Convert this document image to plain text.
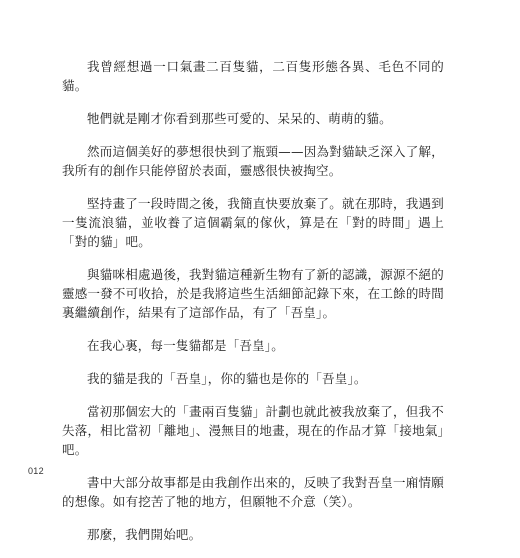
我曾經想過一口氣畫二百隻貓，二百隻形態各異、毛色不同的貓。

牠們就是剛才你看到那些可愛的、呆呆的、萌萌的貓。

然而這個美好的夢想很快到了瓶頸——因為對貓缺乏深入了解，我所有的創作只能停留於表面，靈感很快被掏空。

堅持畫了一段時間之後，我簡直快要放棄了。就在那時，我遇到一隻流浪貓，並收養了這個霸氣的傢伙，算是在「對的時間」遇上「對的貓」吧。

與貓咪相處過後，我對貓這種新生物有了新的認識，源源不絕的靈感一發不可收拾，於是我將這些生活細節記錄下來，在工餘的時間裏繼續創作，結果有了這部作品，有了「吾皇」。

在我心裏，每一隻貓都是「吾皇」。

我的貓是我的「吾皇」，你的貓也是你的「吾皇」。

當初那個宏大的「畫兩百隻貓」計劃也就此被我放棄了，但我不失落，相比當初「離地」、漫無目的地畫，現在的作品才算「接地氣」吧。

書中大部分故事都是由我創作出來的，反映了我對吾皇一廂情願的想像。如有挖苦了牠的地方，但願牠不介意（笑）。

那麼，我們開始吧。

012
